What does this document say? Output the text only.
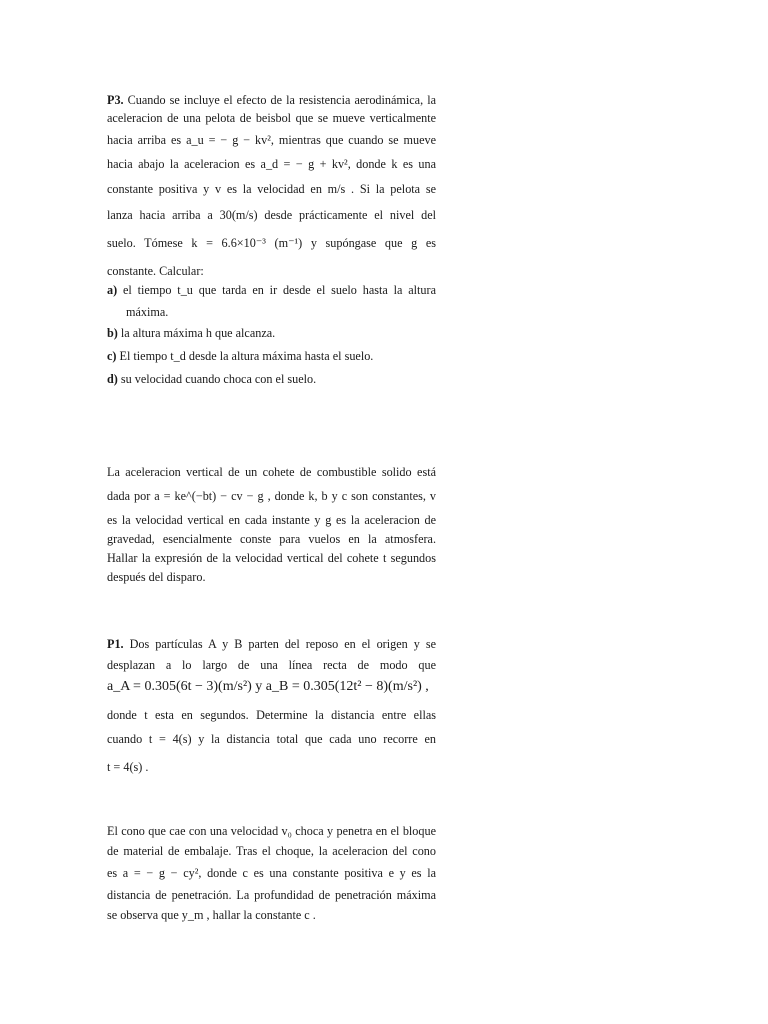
P3. Cuando se incluye el efecto de la resistencia aerodinámica, la
aceleracion de una pelota de beisbol que se mueve verticalmente
hacia arriba es a_u = − g − kv², mientras que cuando se mueve
hacia abajo la aceleracion es a_d = − g + kv², donde k es una
constante positiva y v es la velocidad en m/s . Si la pelota se
lanza hacia arriba a 30(m/s) desde prácticamente el nivel del
suelo. Tómese k = 6.6×10⁻³ (m⁻¹) y supóngase que g es
constante. Calcular:
a) el tiempo t_u que tarda en ir desde el suelo hasta la altura
máxima.
b) la altura máxima h que alcanza.
c) El tiempo t_d desde la altura máxima hasta el suelo.
d) su velocidad cuando choca con el suelo.
La aceleracion vertical de un cohete de combustible solido está
dada por a = ke^(−bt) − cv − g , donde k, b y c son constantes, v
es la velocidad vertical en cada instante y g es la aceleracion de
gravedad, esencialmente conste para vuelos en la atmosfera.
Hallar la expresión de la velocidad vertical del cohete t segundos
después del disparo.
P1. Dos partículas A y B parten del reposo en el origen y se
desplazan a lo largo de una línea recta de modo que
a_A = 0.305(6t − 3)(m/s²) y a_B = 0.305(12t² − 8)(m/s²) ,
donde t esta en segundos. Determine la distancia entre ellas
cuando t = 4(s) y la distancia total que cada uno recorre en
t = 4(s) .
El cono que cae con una velocidad v₀ choca y penetra en el bloque
de material de embalaje. Tras el choque, la aceleracion del cono
es a = − g − cy², donde c es una constante positiva e y es la
distancia de penetración. La profundidad de penetración máxima
se observa que y_m , hallar la constante c .
